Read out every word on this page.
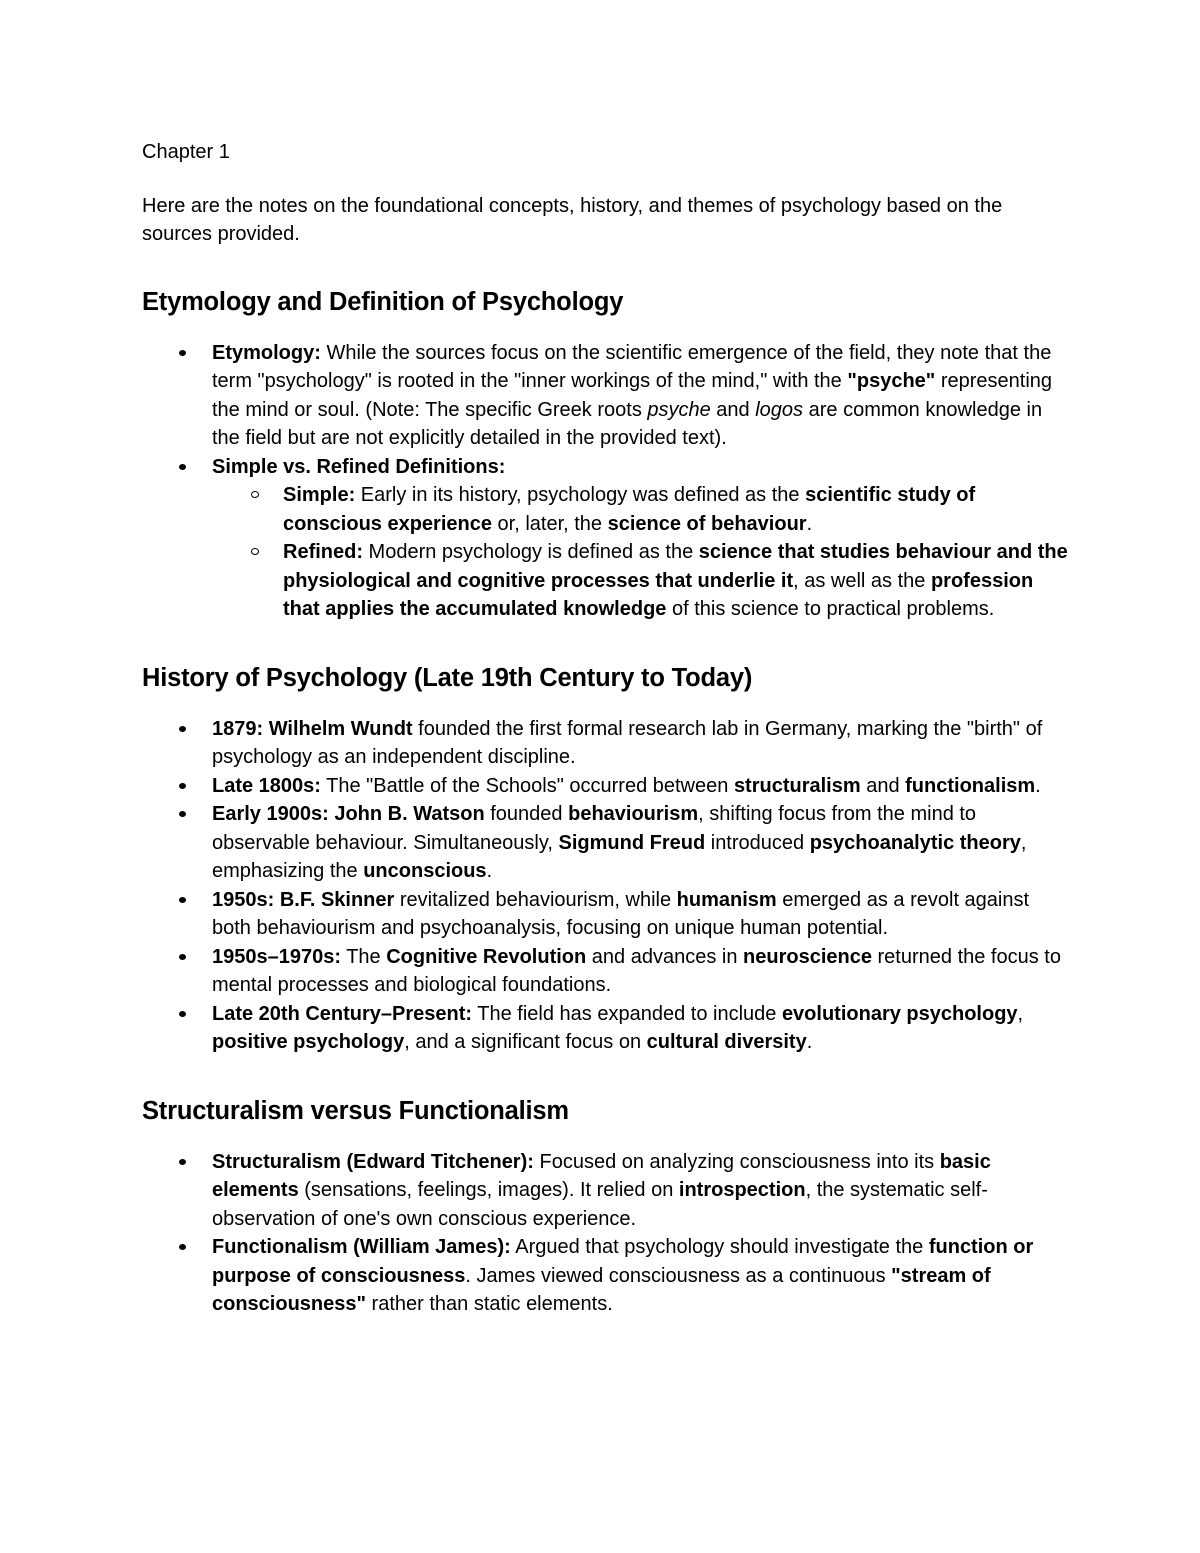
Chapter 1

Here are the notes on the foundational concepts, history, and themes of psychology based on the sources provided.

Etymology and Definition of Psychology
Etymology: While the sources focus on the scientific emergence of the field, they note that the term "psychology" is rooted in the "inner workings of the mind," with the "psyche" representing the mind or soul. (Note: The specific Greek roots psyche and logos are common knowledge in the field but are not explicitly detailed in the provided text).
Simple vs. Refined Definitions:
Simple: Early in its history, psychology was defined as the scientific study of conscious experience or, later, the science of behaviour.
Refined: Modern psychology is defined as the science that studies behaviour and the physiological and cognitive processes that underlie it, as well as the profession that applies the accumulated knowledge of this science to practical problems.
History of Psychology (Late 19th Century to Today)
1879: Wilhelm Wundt founded the first formal research lab in Germany, marking the "birth" of psychology as an independent discipline.
Late 1800s: The "Battle of the Schools" occurred between structuralism and functionalism.
Early 1900s: John B. Watson founded behaviourism, shifting focus from the mind to observable behaviour. Simultaneously, Sigmund Freud introduced psychoanalytic theory, emphasizing the unconscious.
1950s: B.F. Skinner revitalized behaviourism, while humanism emerged as a revolt against both behaviourism and psychoanalysis, focusing on unique human potential.
1950s–1970s: The Cognitive Revolution and advances in neuroscience returned the focus to mental processes and biological foundations.
Late 20th Century–Present: The field has expanded to include evolutionary psychology, positive psychology, and a significant focus on cultural diversity.
Structuralism versus Functionalism
Structuralism (Edward Titchener): Focused on analyzing consciousness into its basic elements (sensations, feelings, images). It relied on introspection, the systematic self-observation of one's own conscious experience.
Functionalism (William James): Argued that psychology should investigate the function or purpose of consciousness. James viewed consciousness as a continuous "stream of consciousness" rather than static elements.
